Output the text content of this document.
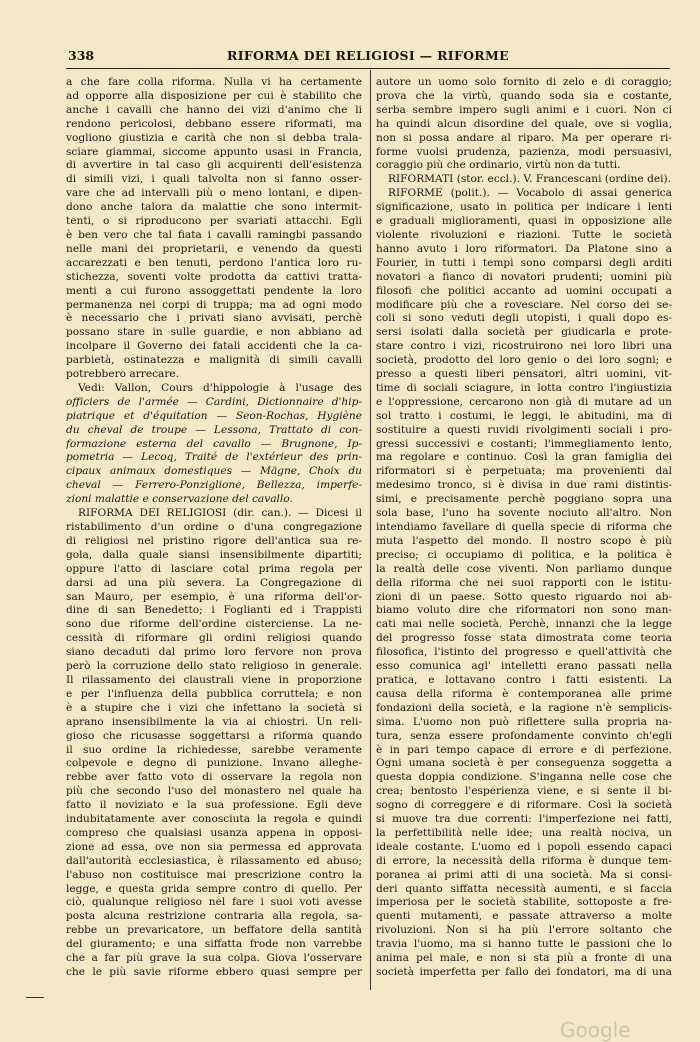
338	RIFORMA DEI RELIGIOSI — RIFORME
a che fare colla riforma. Nulla vi ha certamente
ad opporre alla disposizione per cui è stabilito che
anche i cavalli che hanno dei vizi d'animo che li
rendono pericolosi, debbano essere riformati, ma
vogliono giustizia e carità che non si debba trala-
sciare giammai, siccome appunto usasi in Francia,
di avvertire in tal caso gli acquirenti dell'esistenza
di simili vizi, i quali talvolta non si fanno osser-
vare che ad intervalli più o meno lontani, e dipen-
dono anche talora da malattie che sono intermit-
tenti, o si riproducono per svariati attacchi. Egli
è ben vero che tal fiata i cavalli ramingbi passando
nelle mani dei proprietarii, e venendo da questi
accarezzati e ben tenuti, perdono l'antica loro ru-
stichezza, soventi volte prodotta da cattivi tratta-
menti a cui furono assoggettati pendente la loro
permanenza nei corpi di truppa; ma ad ogni modo
è necessario che i privati siano avvisati, perchè
possano stare in sulle guardie, e non abbiano ad
incolpare il Governo dei fatali accidenti che la ca-
parbietà, ostinatezza e malignità di simili cavalli
potrebbero arrecare.
Vedi: Vallon, Cours d'hippologie à l'usage des
officiers de l'armée — Cardini, Dictionnaire d'hip-
piatrique et d'équitation — Seon-Rochas, Hygiène
du cheval de troupe — Lessona, Trattato di con-
formazione esterna del cavallo — Brugnone, Ip-
pometria — Lecoq, Traité de l'extérieur des prin-
cipaux animaux domestiques — Mägne, Choix du
cheval — Ferrero-Ponziglione, Bellezza, imperfe-
zioni malattie e conservazione del cavallo.
RIFORMA DEI RELIGIOSI (dir. can.). — Dicesi il
ristabilimento d'un ordine o d'una congregazione
di religiosi nel pristino rigore dell'antica sua re-
gola, dalla quale siansi insensibilmente dipartiti;
oppure l'atto di lasciare cotal prima regola per
darsi ad una più severa. La Congregazione di
san Mauro, per esempio, è una riforma dell'or-
dine di san Benedetto; i Foglianti ed i Trappisti
sono due riforme dell'ordine cisterciense. La ne-
cessità di riformare gli ordini religiosi quando
siano decaduti dal primo loro fervore non prova
però la corruzione dello stato religioso in generale.
Il rilassamento dei claustrali viene in proporzione
e per l'influenza della pubblica corruttela; e non
è a stupire che i vizi che infettano la società si
aprano insensibilmente la via ai chiostri. Un reli-
gioso che ricusasse soggettarsi a riforma quando
il suo ordine la richiedesse, sarebbe veramente
colpevole e degno di punizione. Invano alleghe-
rebbe aver fatto voto di osservare la regola non
più che secondo l'uso del monastero nel quale ha
fatto il noviziato e la sua professione. Egli deve
indubitatamente aver conosciuta la regola e quindi
compreso che qualsiasi usanza appena in opposi-
zione ad essa, ove non sia permessa ed approvata
dall'autorità ecclesiastica, è rilassamento ed abuso;
l'abuso non costituisce mai prescrizione contro la
legge, e questa grida sempre contro di quello. Per
ciò, qualunque religioso nel fare i suoi voti avesse
posta alcuna restrizione contraria alla regola, sa-
rebbe un prevaricatore, un beffatore della santità
del giuramento; e una siffatta frode non varrebbe
che a far più grave la sua colpa. Giova l'osservare
che le più savie riforme ebbero quasi sempre per
autore un uomo solo fornito di zelo e di coraggio;
prova che la virtù, quando soda sia e costante,
serba sembre impero sugli animi e i cuori. Non ci
ha quindi alcun disordine del quale, ove si voglia,
non si possa andare al riparo. Ma per operare ri-
forme vuolsi prudenza, pazienza, modi persuasivi,
coraggio più che ordinario, virtù non da tutti.
RIFORMATI (stor. eccl.). V. Francescani (ordine dei).
RIFORME (polit.). — Vocabolo di assai generica
significazione, usato in politica per indicare i lenti
e graduali miglioramenti, quasi in opposizione alle
violente rivoluzioni e riazioni. Tutte le società
hanno avuto i loro riformatori. Da Platone sino a
Fourier, in tutti i tempi sono comparsi degli arditi
novatori a fianco di novatori prudenti; uomini più
filosofi che politici accanto ad uomini occupati a
modificare più che a rovesciare. Nel corso dei se-
coli si sono veduti degli utopisti, i quali dopo es-
sersi isolati dalla società per giudicarla e prote-
stare contro i vizi, ricostruirono nei loro libri una
società, prodotto del loro genio o dei loro sogni; e
presso a questi liberi pensatori, altri uomini, vit-
time di sociali sciagure, in lotta contro l'ingiustizia
e l'oppressione, cercarono non già di mutare ad un
sol tratto i costumi, le leggi, le abitudini, ma di
sostituire a questi ruvidi rivolgimenti sociali i pro-
gressi successivi e costanti; l'immegliamento lento,
ma regolare e continuo. Così la gran famiglia dei
riformatori si è perpetuata; ma provenienti dal
medesimo tronco, si è divisa in due rami distintis-
simi, e precisamente perchè poggiano sopra una
sola base, l'uno ha sovente nociuto all'altro. Non
intendiamo favellare di quella specie di riforma che
muta l'aspetto del mondo. Il nostro scopo è più
preciso; ci occupiamo di politica, e la politica è
la realtà delle cose viventi. Non parliamo dunque
della riforma che nei suoi rapporti con le istitu-
zioni di un paese. Sotto questo riguardo noi ab-
biamo voluto dire che riformatori non sono man-
cati mai nelle società. Perchè, innanzi che la legge
del progresso fosse stata dimostrata come teoria
filosofica, l'istinto del progresso e quell'attività che
esso comunica agl' intelletti erano passati nella
pratica, e lottavano contro i fatti esistenti. La
causa della riforma è contemporanea alle prime
fondazioni della società, e la ragione n'è semplicis-
sima. L'uomo non può riflettere sulla propria na-
tura, senza essere profondamente convinto ch'egli
è in pari tempo capace di errore e di perfezione.
Ogni umana società è per conseguenza soggetta a
questa doppia condizione. S'inganna nelle cose che
crea; bentosto l'esperienza viene, e si sente il bi-
sogno di correggere e di riformare. Così la società
si muove tra due correnti: l'imperfezione nei fatti,
la perfettibilità nelle idee; una realtà nociva, un
ideale costante. L'uomo ed i popoli essendo capaci
di errore, la necessità della riforma è dunque tem-
poranea ai primi atti di una società. Ma si consi-
deri quanto siffatta necessità aumenti, e si faccia
imperiosa per le società stabilite, sottoposte a fre-
quenti mutamenti, e passate attraverso a molte
rivoluzioni. Non si ha più l'errore soltanto che
travia l'uomo, ma si hanno tutte le passioni che lo
anima pel male, e non si sta più a fronte di una
società imperfetta per fallo dei fondatori, ma di una
Google
